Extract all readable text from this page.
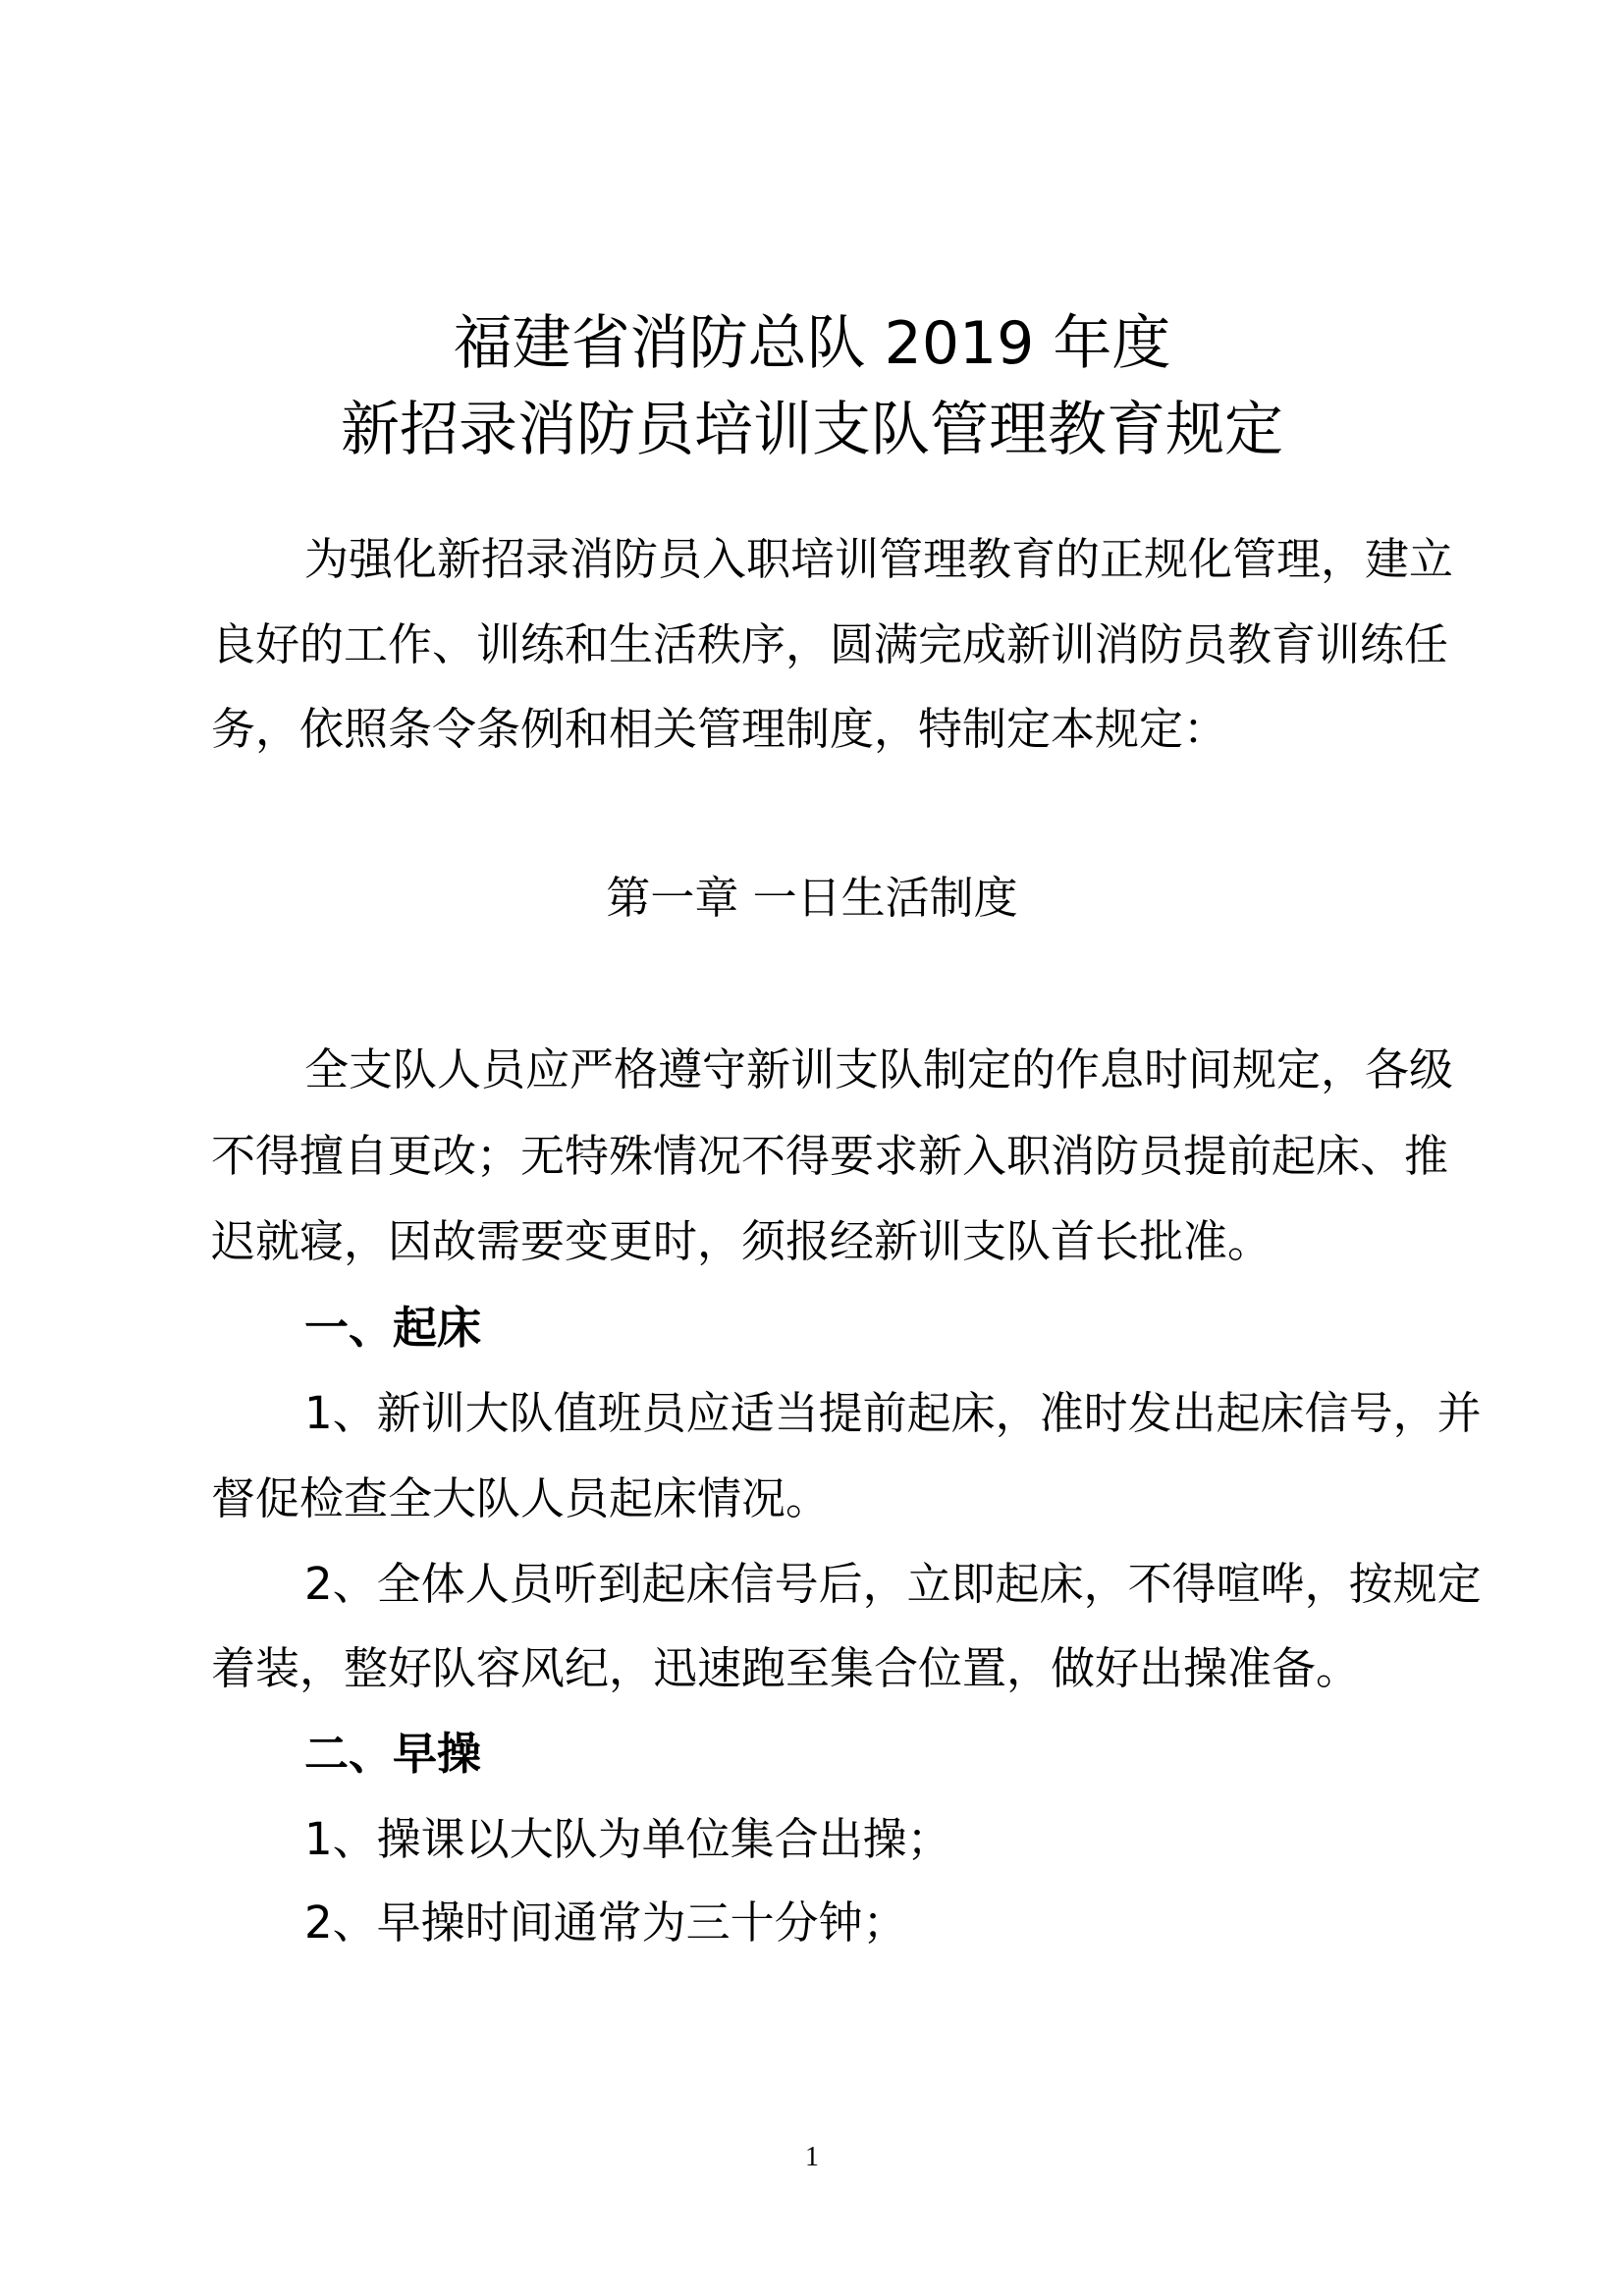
福建省消防总队 2019 年度
新招录消防员培训支队管理教育规定
为强化新招录消防员入职培训管理教育的正规化管理，建立
良好的工作、训练和生活秩序，圆满完成新训消防员教育训练任
务，依照条令条例和相关管理制度，特制定本规定：
第一章 一日生活制度
全支队人员应严格遵守新训支队制定的作息时间规定，各级
不得擅自更改；无特殊情况不得要求新入职消防员提前起床、推
迟就寝，因故需要变更时，须报经新训支队首长批准。
一、起床
1、新训大队值班员应适当提前起床，准时发出起床信号，并
督促检查全大队人员起床情况。
2、全体人员听到起床信号后，立即起床，不得喧哗，按规定
着装，整好队容风纪，迅速跑至集合位置，做好出操准备。
二、早操
1、操课以大队为单位集合出操；
2、早操时间通常为三十分钟；
1
